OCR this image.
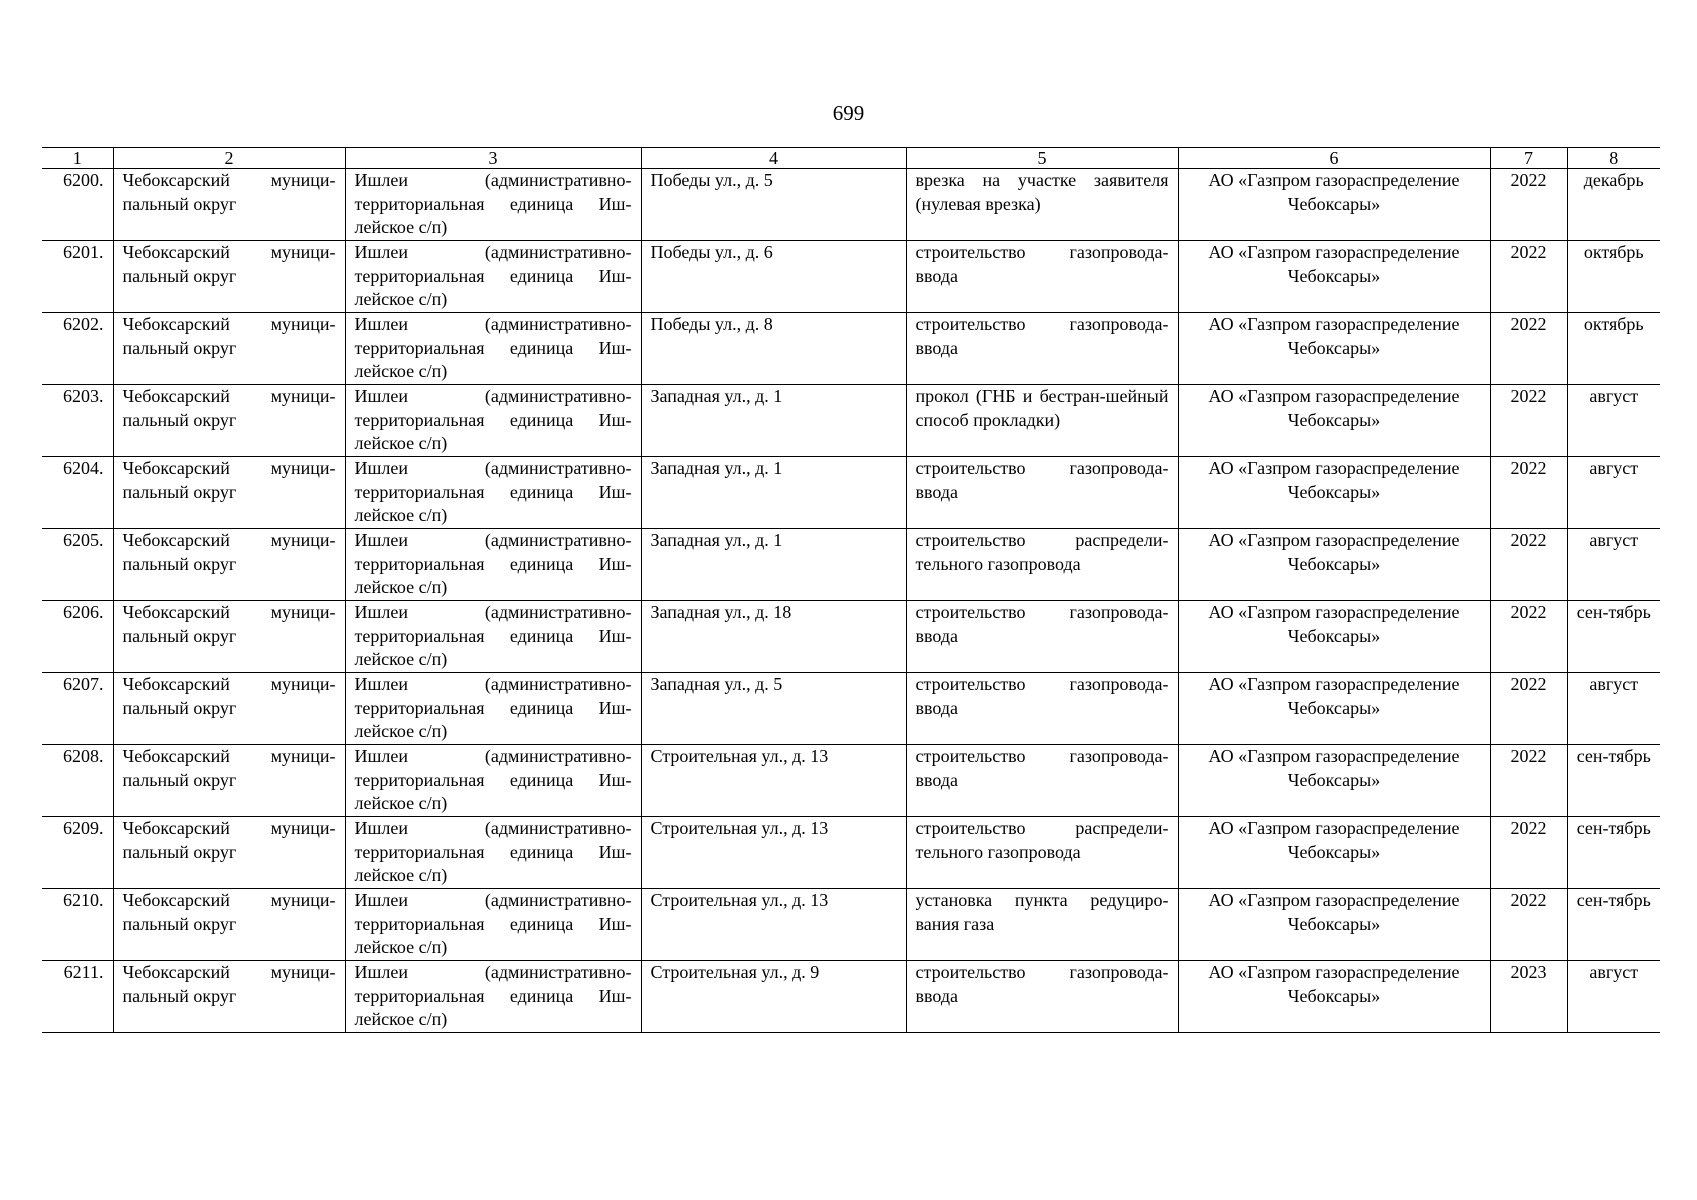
699
1	2	3	4	5	6	7	8
6200.	Чебоксарский муници-пальный округ	Ишлеи (административно-территориальная единица Иш-лейское с/п)	Победы ул., д. 5	врезка на участке заявителя (нулевая врезка)	АО «Газпром газораспределение Чебоксары»	2022	декабрь
6201.	Чебоксарский муници-пальный округ	Ишлеи (административно-территориальная единица Иш-лейское с/п)	Победы ул., д. 6	строительство газопровода-ввода	АО «Газпром газораспределение Чебоксары»	2022	октябрь
6202.	Чебоксарский муници-пальный округ	Ишлеи (административно-территориальная единица Иш-лейское с/п)	Победы ул., д. 8	строительство газопровода-ввода	АО «Газпром газораспределение Чебоксары»	2022	октябрь
6203.	Чебоксарский муници-пальный округ	Ишлеи (административно-территориальная единица Иш-лейское с/п)	Западная ул., д. 1	прокол (ГНБ и бестран-шейный способ прокладки)	АО «Газпром газораспределение Чебоксары»	2022	август
6204.	Чебоксарский муници-пальный округ	Ишлеи (административно-территориальная единица Иш-лейское с/п)	Западная ул., д. 1	строительство газопровода-ввода	АО «Газпром газораспределение Чебоксары»	2022	август
6205.	Чебоксарский муници-пальный округ	Ишлеи (административно-территориальная единица Иш-лейское с/п)	Западная ул., д. 1	строительство распредели-тельного газопровода	АО «Газпром газораспределение Чебоксары»	2022	август
6206.	Чебоксарский муници-пальный округ	Ишлеи (административно-территориальная единица Иш-лейское с/п)	Западная ул., д. 18	строительство газопровода-ввода	АО «Газпром газораспределение Чебоксары»	2022	сен-тябрь
6207.	Чебоксарский муници-пальный округ	Ишлеи (административно-территориальная единица Иш-лейское с/п)	Западная ул., д. 5	строительство газопровода-ввода	АО «Газпром газораспределение Чебоксары»	2022	август
6208.	Чебоксарский муници-пальный округ	Ишлеи (административно-территориальная единица Иш-лейское с/п)	Строительная ул., д. 13	строительство газопровода-ввода	АО «Газпром газораспределение Чебоксары»	2022	сен-тябрь
6209.	Чебоксарский муници-пальный округ	Ишлеи (административно-территориальная единица Иш-лейское с/п)	Строительная ул., д. 13	строительство распредели-тельного газопровода	АО «Газпром газораспределение Чебоксары»	2022	сен-тябрь
6210.	Чебоксарский муници-пальный округ	Ишлеи (административно-территориальная единица Иш-лейское с/п)	Строительная ул., д. 13	установка пункта редуциро-вания газа	АО «Газпром газораспределение Чебоксары»	2022	сен-тябрь
6211.	Чебоксарский муници-пальный округ	Ишлеи (административно-территориальная единица Иш-лейское с/п)	Строительная ул., д. 9	строительство газопровода-ввода	АО «Газпром газораспределение Чебоксары»	2023	август
